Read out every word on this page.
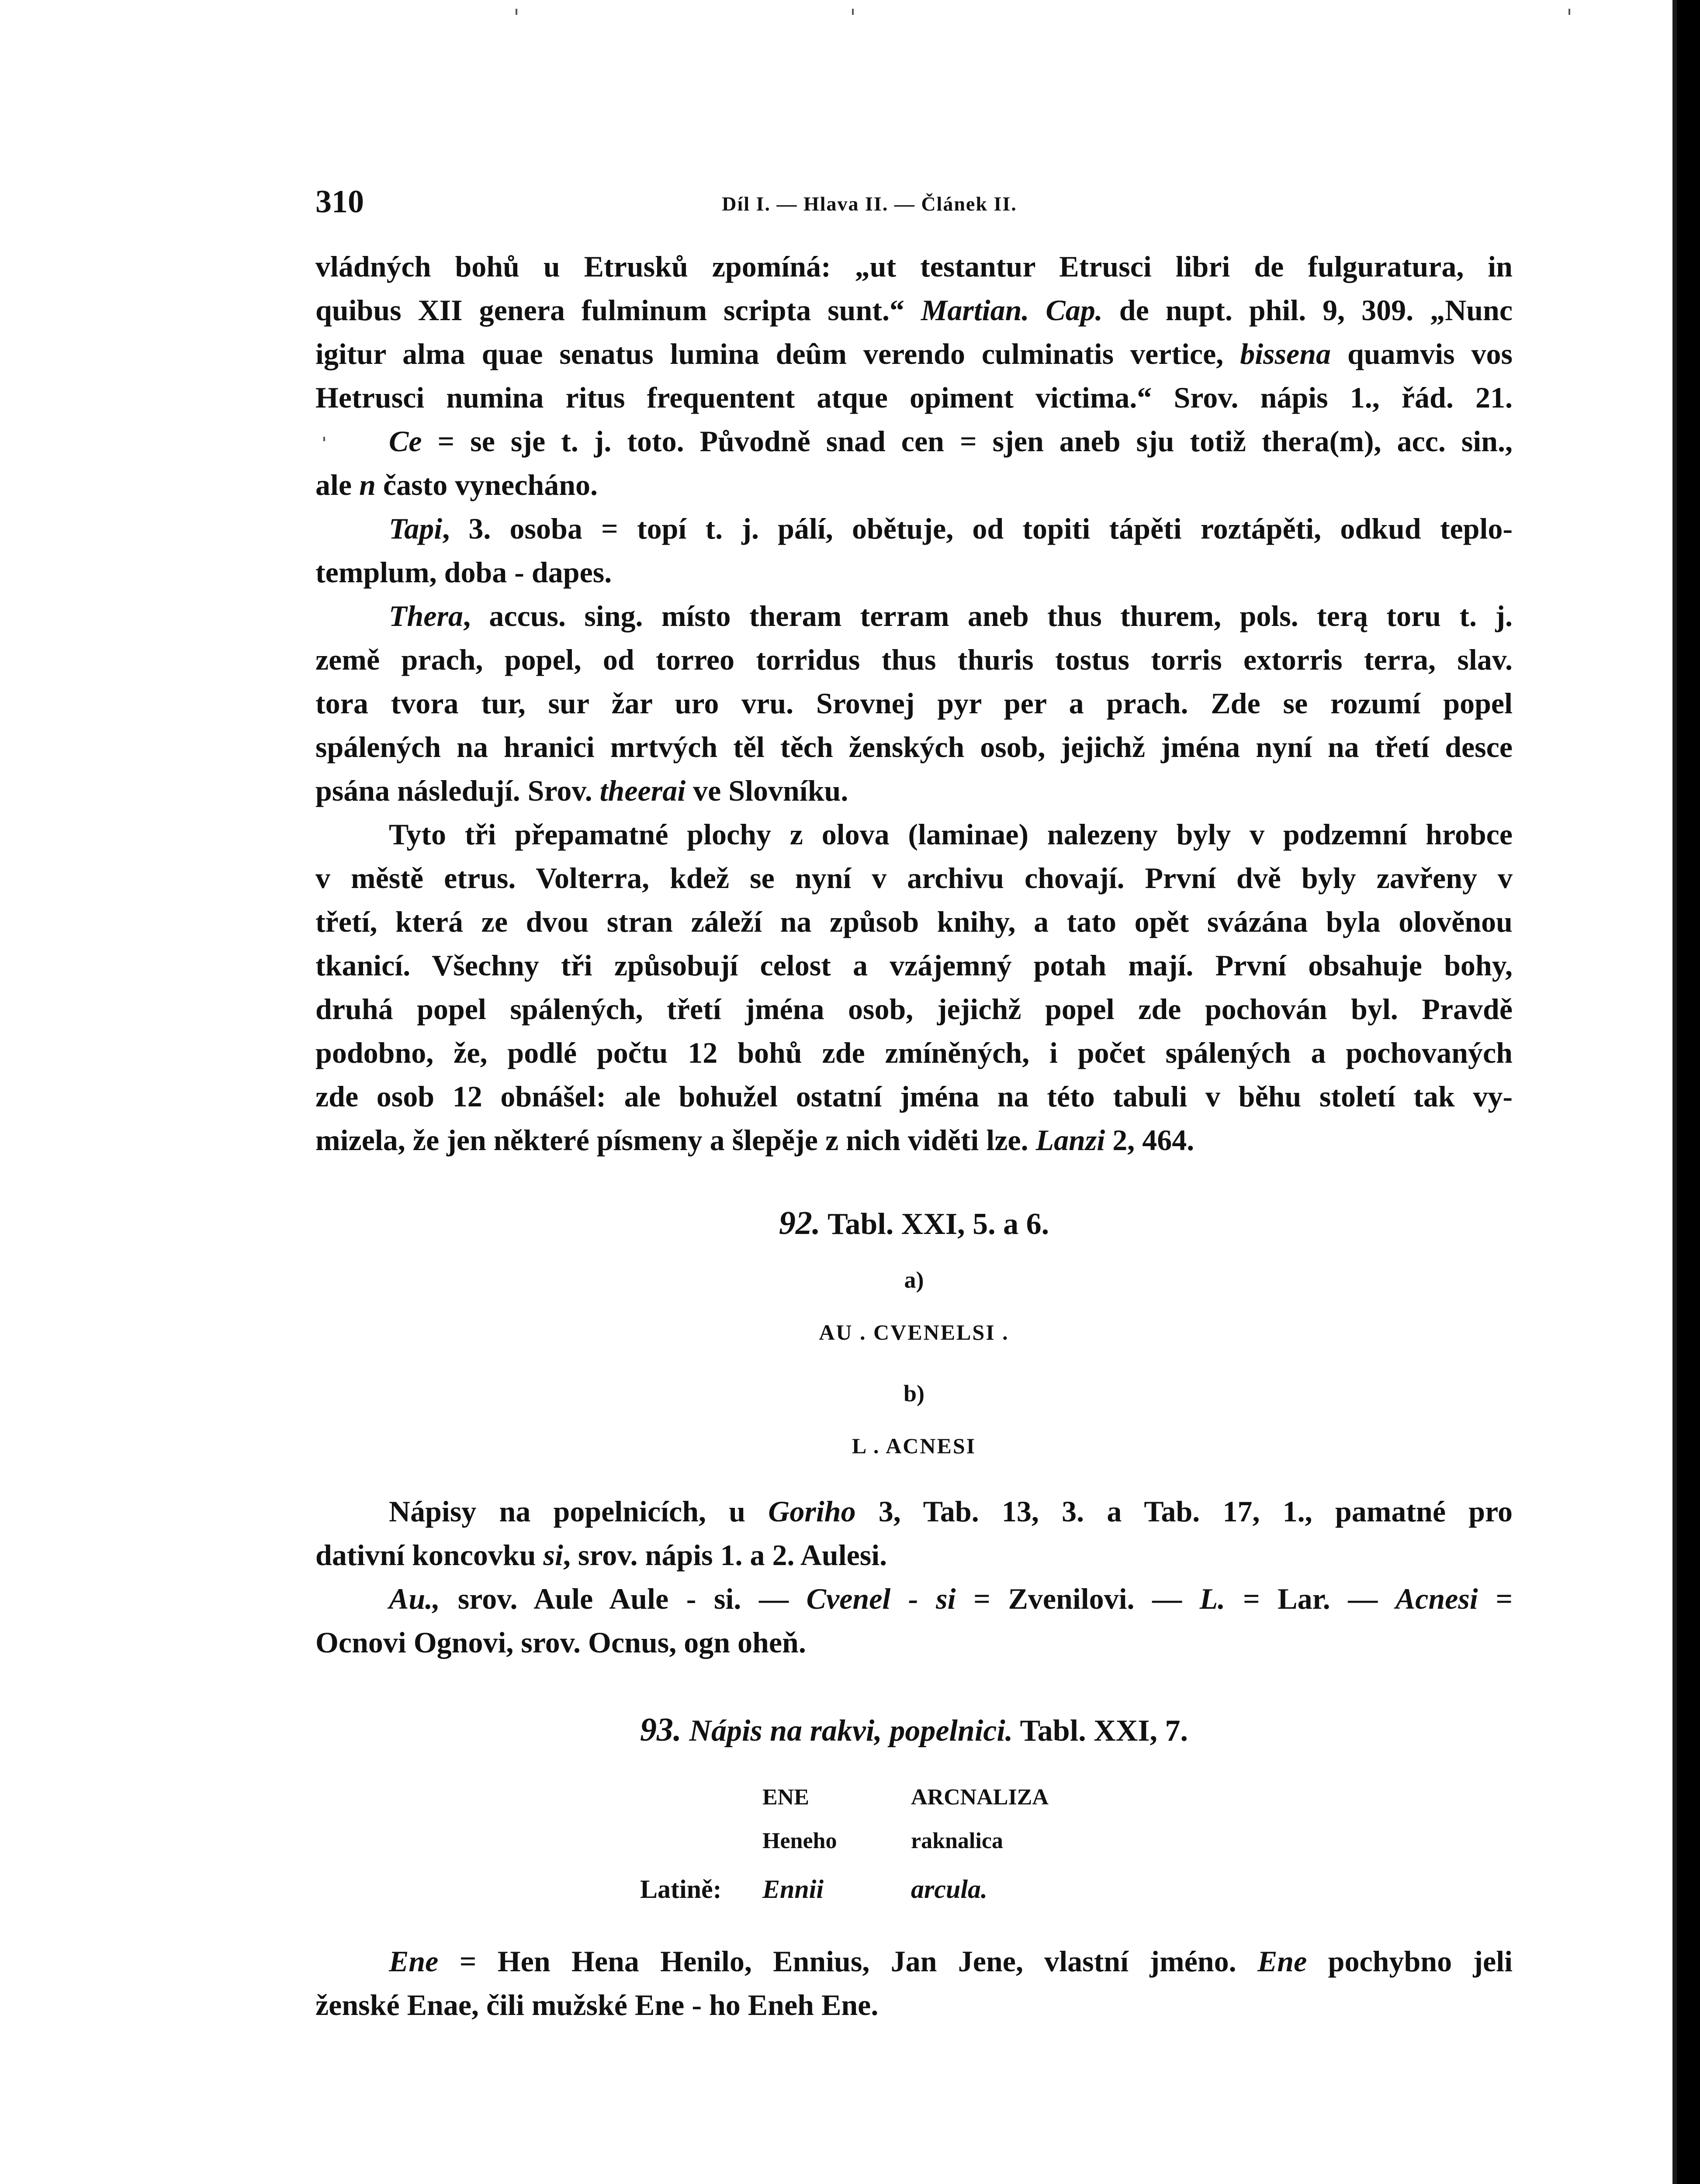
310	Díl I. — Hlava II. — Článek II.
vládných bohů u Etrusků zpomíná: „ut testantur Etrusci libri de fulguratura, in
quibus XII genera fulminum scripta sunt.“ Martian. Cap. de nupt. phil. 9, 309. „Nunc
igitur alma quae senatus lumina deûm verendo culminatis vertice, bissena quamvis vos
Hetrusci numina ritus frequentent atque opiment victima.“ Srov. nápis 1., řád. 21.
Ce = se sje t. j. toto. Původně snad cen = sjen aneb sju totiž thera(m), acc. sin.,
ale n často vynecháno.
Tapi, 3. osoba = topí t. j. pálí, obětuje, od topiti tápěti roztápěti, odkud teplo-
templum, doba - dapes.
Thera, accus. sing. místo theram terram aneb thus thurem, pols. terą toru t. j.
země prach, popel, od torreo torridus thus thuris tostus torris extorris terra, slav.
tora tvora tur, sur žar uro vru. Srovnej pyr per a prach. Zde se rozumí popel
spálených na hranici mrtvých těl těch ženských osob, jejichž jména nyní na třetí desce
psána následují. Srov. theerai ve Slovníku.
Tyto tři přepamatné plochy z olova (laminae) nalezeny byly v podzemní hrobce
v městě etrus. Volterra, kdež se nyní v archivu chovají. První dvě byly zavřeny v
třetí, která ze dvou stran záleží na způsob knihy, a tato opět svázána byla olověnou
tkanicí. Všechny tři způsobují celost a vzájemný potah mají. První obsahuje bohy,
druhá popel spálených, třetí jména osob, jejichž popel zde pochován byl. Pravdě
podobno, že, podlé počtu 12 bohů zde zmíněných, i počet spálených a pochovaných
zde osob 12 obnášel: ale bohužel ostatní jména na této tabuli v běhu století tak vy-
mizela, že jen některé písmeny a šlepěje z nich viděti lze. Lanzi 2, 464.
92. Tabl. XXI, 5. a 6.
a)
AU . CVENELSI .
b)
L . ACNESI
Nápisy na popelnicích, u Goriho 3, Tab. 13, 3. a Tab. 17, 1., pamatné pro
dativní koncovku si, srov. nápis 1. a 2. Aulesi.
Au., srov. Aule Aule - si. — Cvenel - si = Zvenilovi. — L. = Lar. — Acnesi =
Ocnovi Ognovi, srov. Ocnus, ogn oheň.
93. Nápis na rakvi, popelnici. Tabl. XXI, 7.
ENE	ARCNALIZA
Heneho	raknalica
Latině: Ennii	arcula.
Ene = Hen Hena Henilo, Ennius, Jan Jene, vlastní jméno. Ene pochybno jeli
ženské Enae, čili mužské Ene - ho Eneh Ene.
